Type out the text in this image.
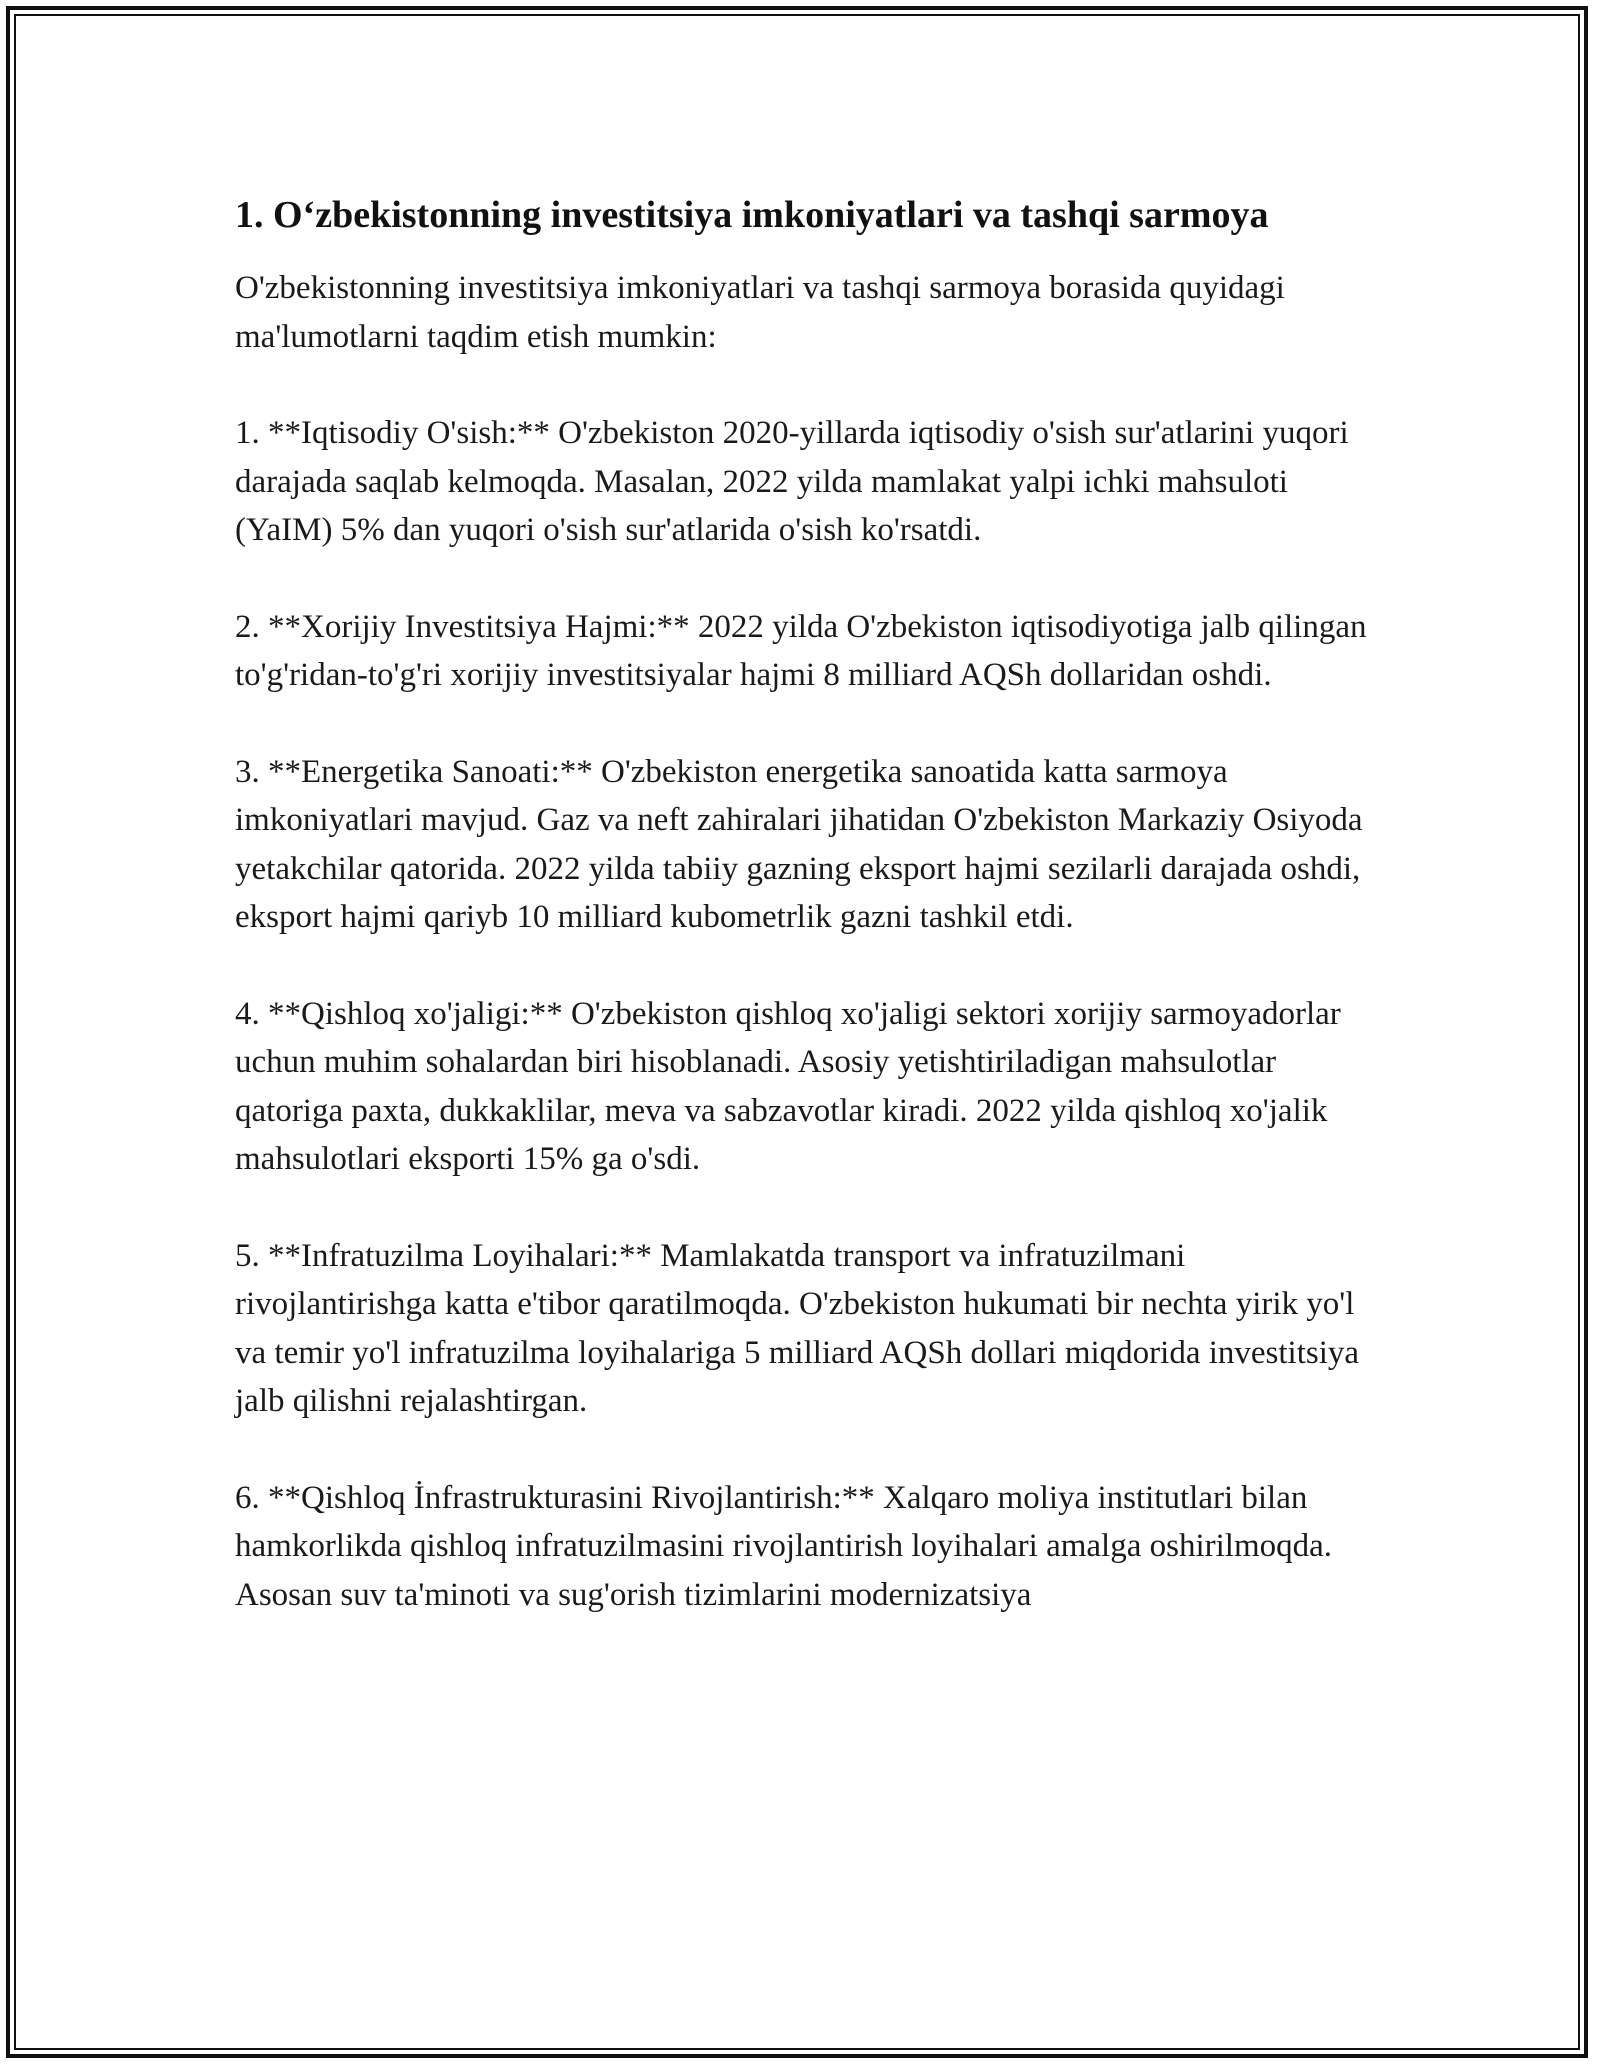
1. O‘zbekistonning investitsiya imkoniyatlari va tashqi sarmoya

O'zbekistonning investitsiya imkoniyatlari va tashqi sarmoya borasida quyidagi ma'lumotlarni taqdim etish mumkin:

1. **Iqtisodiy O'sish:** O'zbekiston 2020-yillarda iqtisodiy o'sish sur'atlarini yuqori darajada saqlab kelmoqda. Masalan, 2022 yilda mamlakat yalpi ichki mahsuloti (YaIM) 5% dan yuqori o'sish sur'atlarida o'sish ko'rsatdi.

2. **Xorijiy Investitsiya Hajmi:** 2022 yilda O'zbekiston iqtisodiyotiga jalb qilingan to'g'ridan-to'g'ri xorijiy investitsiyalar hajmi 8 milliard AQSh dollaridan oshdi.

3. **Energetika Sanoati:** O'zbekiston energetika sanoatida katta sarmoya imkoniyatlari mavjud. Gaz va neft zahiralari jihatidan O'zbekiston Markaziy Osiyoda yetakchilar qatorida. 2022 yilda tabiiy gazning eksport hajmi sezilarli darajada oshdi, eksport hajmi qariyb 10 milliard kubometrlik gazni tashkil etdi.

4. **Qishloq xo'jaligi:** O'zbekiston qishloq xo'jaligi sektori xorijiy sarmoyadorlar uchun muhim sohalardan biri hisoblanadi. Asosiy yetishtiriladigan mahsulotlar qatoriga paxta, dukkaklilar, meva va sabzavotlar kiradi. 2022 yilda qishloq xo'jalik mahsulotlari eksporti 15% ga o'sdi.

5. **Infratuzilma Loyihalari:** Mamlakatda transport va infratuzilmani rivojlantirishga katta e'tibor qaratilmoqda. O'zbekiston hukumati bir nechta yirik yo'l va temir yo'l infratuzilma loyihalariga 5 milliard AQSh dollari miqdorida investitsiya jalb qilishni rejalashtirgan.

6. **Qishloq İnfrastrukturasini Rivojlantirish:** Xalqaro moliya institutlari bilan hamkorlikda qishloq infratuzilmasini rivojlantirish loyihalari amalga oshirilmoqda. Asosan suv ta'minoti va sug'orish tizimlarini modernizatsiya
